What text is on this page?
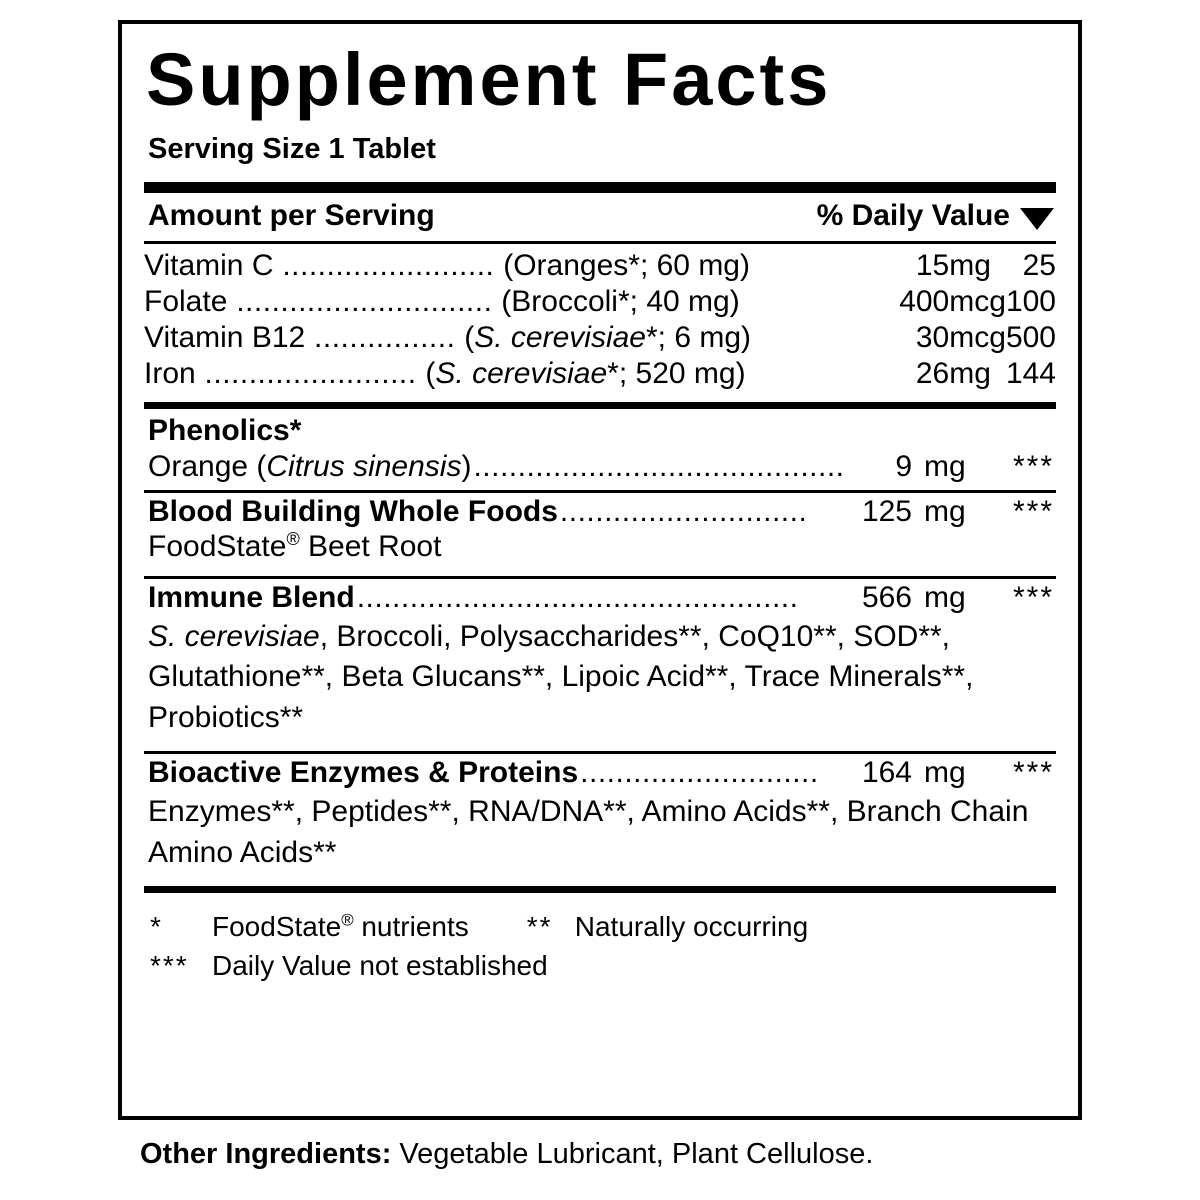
Supplement Facts
Serving Size 1 Tablet
Amount per Serving	% Daily Value
Vitamin C ........................ (Oranges*; 60 mg)	15	mg	25
Folate ............................. (Broccoli*; 40 mg)	400	mcg	100
Vitamin B12 ................ (S. cerevisiae*; 6 mg)	30	mcg	500
Iron ........................ (S. cerevisiae*; 520 mg)	26	mg	144
Phenolics*
Orange (Citrus sinensis) ..........................................	9 mg	***
Blood Building Whole Foods ............................	125 mg	***
FoodState® Beet Root
Immune Blend ..................................................	566 mg	***
S. cerevisiae, Broccoli, Polysaccharides**, CoQ10**, SOD**, Glutathione**, Beta Glucans**, Lipoic Acid**, Trace Minerals**, Probiotics**
Bioactive Enzymes & Proteins ...........................	164 mg	***
Enzymes**, Peptides**, RNA/DNA**, Amino Acids**, Branch Chain Amino Acids**
*	FoodState® nutrients ** Naturally occurring
*** Daily Value not established
Other Ingredients: Vegetable Lubricant, Plant Cellulose.
